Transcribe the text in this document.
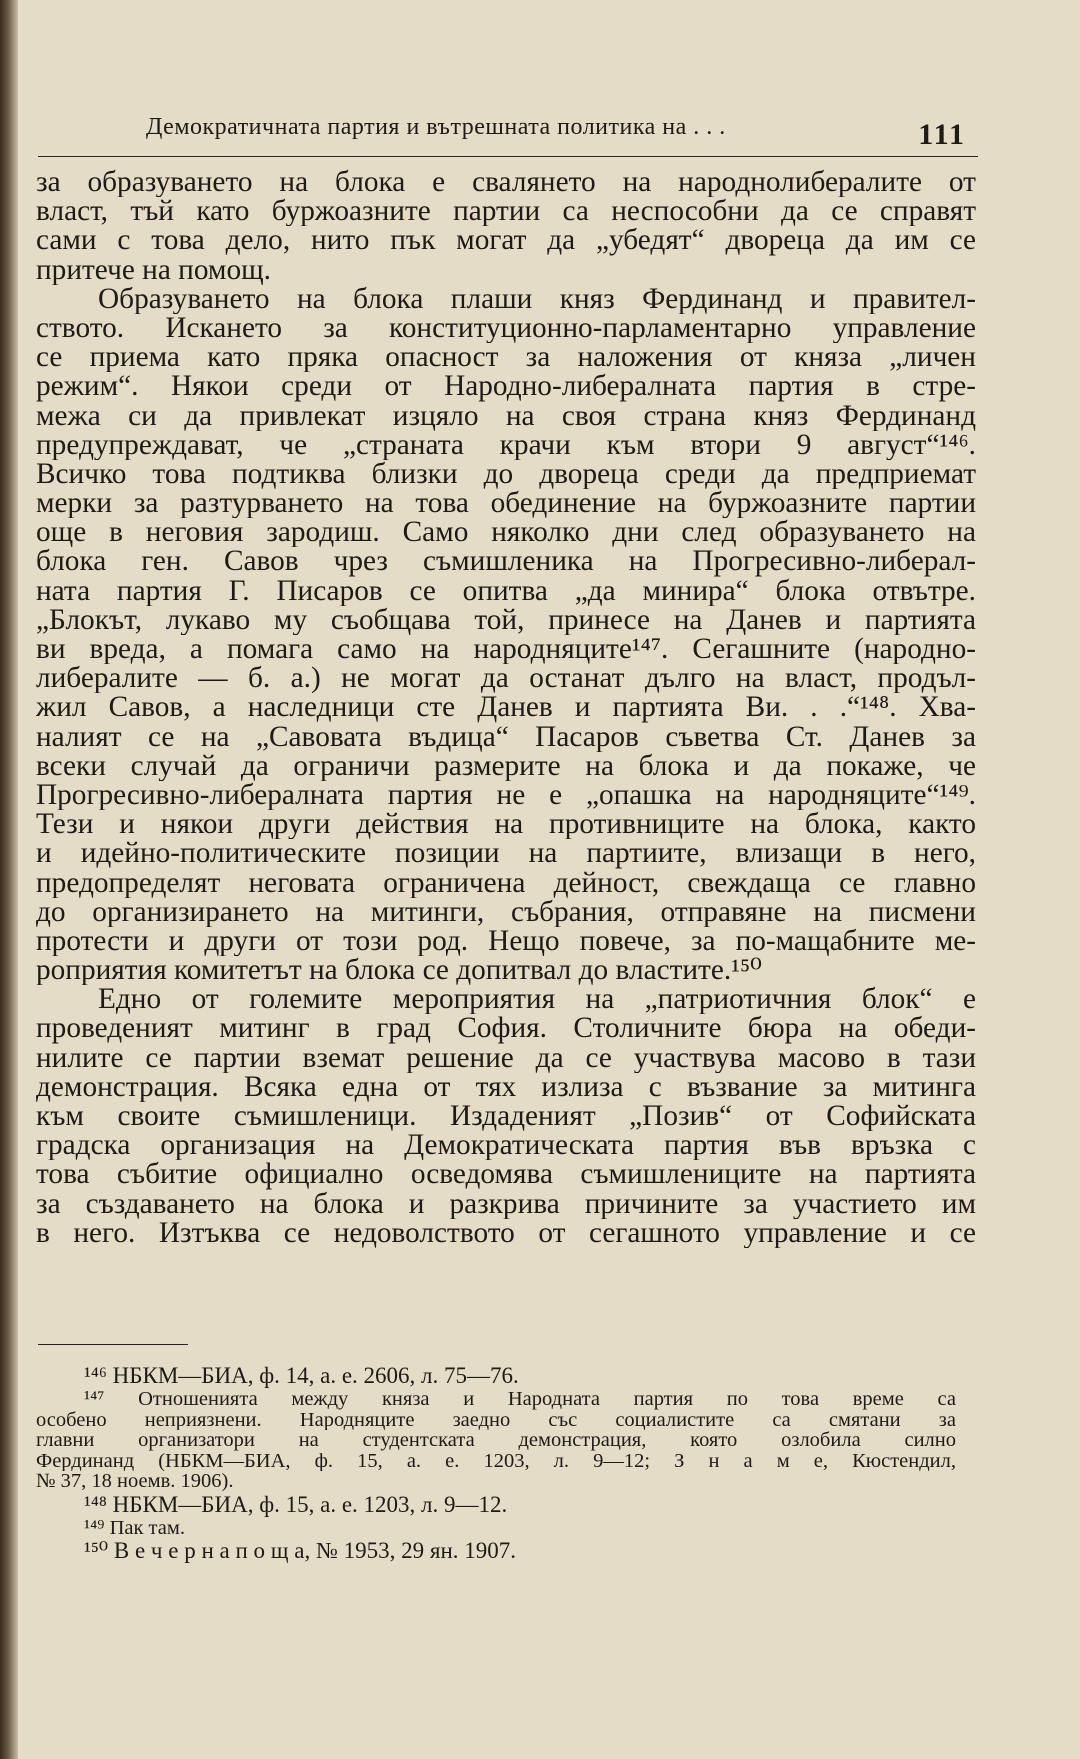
Демократичната партия и вътрешната политика на . . .	111
за образуването на блока е свалянето на народнолибералите от
власт, тъй като буржоазните партии са неспособни да се справят
сами с това дело, нито пък могат да „убедят“ двореца да им се
притече на помощ.
Образуването на блока плаши княз Фердинанд и правител-
ството. Искането за конституционно-парламентарно управление
се приема като пряка опасност за наложения от княза „личен
режим“. Някои среди от Народно-либералната партия в стре-
межа си да привлекат изцяло на своя страна княз Фердинанд
предупреждават, че „страната крачи към втори 9 август“¹⁴⁶.
Всичко това подтиква близки до двореца среди да предприемат
мерки за разтурването на това обединение на буржоазните партии
още в неговия зародиш. Само няколко дни след образуването на
блока ген. Савов чрез съмишленика на Прогресивно-либерал-
ната партия Г. Писаров се опитва „да минира“ блока отвътре.
„Блокът, лукаво му съобщава той, принесе на Данев и партията
ви вреда, а помага само на народняците¹⁴⁷. Сегашните (народно-
либералите — б. а.) не могат да останат дълго на власт, продъл-
жил Савов, а наследници сте Данев и партията Ви. . .“¹⁴⁸. Хва-
налият се на „Савовата въдица“ Пасаров съветва Ст. Данев за
всеки случай да ограничи размерите на блока и да покаже, че
Прогресивно-либералната партия не е „опашка на народняците“¹⁴⁹.
Тези и някои други действия на противниците на блока, както
и идейно-политическите позиции на партиите, влизащи в него,
предопределят неговата ограничена дейност, свеждаща се главно
до организирането на митинги, събрания, отправяне на писмени
протести и други от този род. Нещо повече, за по-мащабните ме-
роприятия комитетът на блока се допитвал до властите.¹⁵⁰
Едно от големите мероприятия на „патриотичния блок“ е
проведеният митинг в град София. Столичните бюра на обеди-
нилите се партии вземат решение да се участвува масово в тази
демонстрация. Всяка една от тях излиза с възвание за митинга
към своите съмишленици. Издаденият „Позив“ от Софийската
градска организация на Демократическата партия във връзка с
това събитие официално осведомява съмишлениците на партията
за създаването на блока и разкрива причините за участието им
в него. Изтъква се недоволството от сегашното управление и се
¹⁴⁶ НБКМ—БИА, ф. 14, а. е. 2606, л. 75—76.
¹⁴⁷ Отношенията между княза и Народната партия по това време са
особено неприязнени. Народняците заедно със социалистите са смятани за
главни организатори на студентската демонстрация, която озлобила силно
Фердинанд (НБКМ—БИА, ф. 15, а. е. 1203, л. 9—12; З н а м е, Кюстендил,
№ 37, 18 ноемв. 1906).
¹⁴⁸ НБКМ—БИА, ф. 15, а. е. 1203, л. 9—12.
¹⁴⁹ Пак там.
¹⁵⁰ В е ч е р н а п о щ а, № 1953, 29 ян. 1907.
